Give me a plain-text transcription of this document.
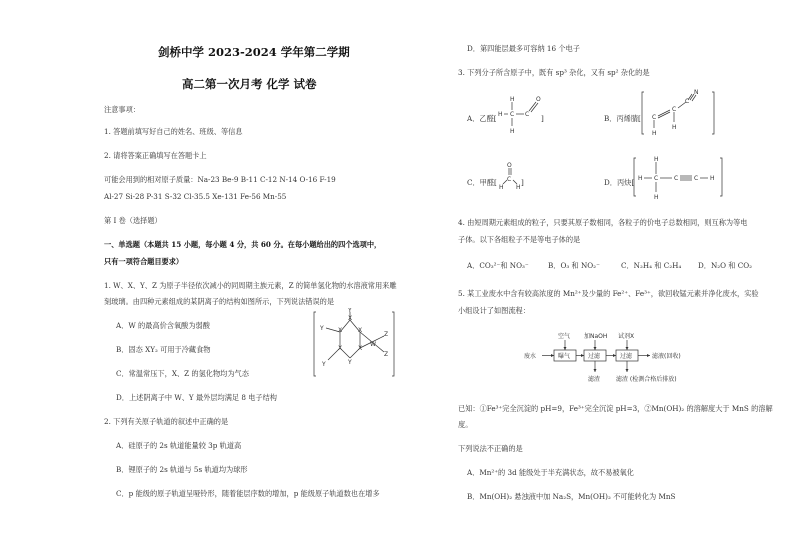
剑桥中学 2023-2024 学年第二学期
高二第一次月考 化学 试卷
注意事项：
1. 答题前填写好自己的姓名、班级、等信息
2. 请将答案正确填写在答题卡上
可能会用到的相对原子质量：Na-23 Be-9 B-11 C-12 N-14 O-16 F-19
Al-27 Si-28 P-31 S-32 Cl-35.5 Xe-131 Fe-56 Mn-55
第 I 卷（选择题）
一、单选题（本题共 15 小题，每小题 4 分，共 60 分。在每小题给出的四个选项中，
只有一项符合题目要求）
1. W、X、Y、Z 为原子半径依次减小的同周期主族元素，Z 的简单氢化物的水溶液常用来雕
刻玻璃。由四种元素组成的某阴离子的结构如图所示，下列说法错误的是
A．W 的最高价含氧酸为弱酸
B．固态 XY₂ 可用于冷藏食物
C．常温常压下，X、Z 的氢化物均为气态
D．上述阴离子中 W、Y 最外层均满足 8 电子结构
Y
X
Y X	X
X	X
Y	Y
W
Z
Z
2. 下列有关原子轨道的叙述中正确的是
A．硅原子的 2s 轨道能量较 3p 轨道高
B．锂原子的 2s 轨道与 5s 轨道均为球形
C．p 能级的原子轨道呈哑铃形，随着能层序数的增加，p 能级原子轨道数也在增多
D．第四能层最多可容纳 16 个电子
3. 下列分子所含原子中，既有 sp³ 杂化，又有 sp² 杂化的是
A．乙醛[ H
H
C
H
C
O
]	B．丙烯腈[
H
C
C
H
C
N
C．甲醛[
O
C
H H
]	D．丙炔[ H
H
C
H
C	C H
4. 由短周期元素组成的粒子，只要其原子数相同，各粒子的价电子总数相同，则互称为等电
子体。以下各组粒子不是等电子体的是
A．CO₃²⁻和 NO₃⁻	B．O₃ 和 NO₂⁻	C．N₂H₄ 和 C₂H₄ D．N₂O 和 CO₂
5. 某工业废水中含有较高浓度的 Mn²⁺及少量的 Fe²⁺、Fe³⁺，欲回收锰元素并净化废水，实验
小组设计了如图流程：
空气 加NaOH 试剂X
废水	曝气	过滤	过滤	滤液(回收)
滤渣	滤渣 (检测合格后排放)
已知：①Fe³⁺完全沉淀的 pH=9，Fe³⁺完全沉淀 pH=3，②Mn(OH)₂ 的溶解度大于 MnS 的溶解
度。
下列说法不正确的是
A．Mn²⁺的 3d 能级处于半充满状态，故不易被氧化
B．Mn(OH)₂ 悬浊液中加 Na₂S，Mn(OH)₂ 不可能转化为 MnS
